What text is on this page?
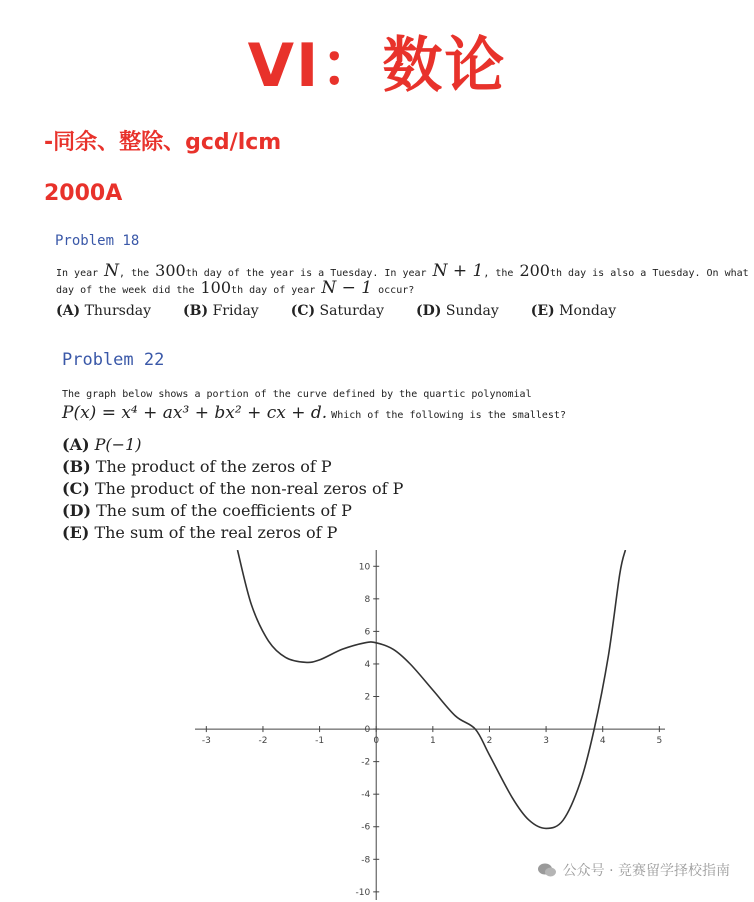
VI：数论
-同余、整除、gcd/lcm
2000A
Problem 18
In year N, the 300th day of the year is a Tuesday. In year N + 1, the 200th day is also a Tuesday. On what
day of the week did the 100th day of year N − 1 occur?
(A) Thursday (B) Friday (C) Saturday (D) Sunday (E) Monday
Problem 22
The graph below shows a portion of the curve defined by the quartic polynomial
P(x) = x⁴ + ax³ + bx² + cx + d. Which of the following is the smallest?
(A) P(−1)
(B) The product of the zeros of P
(C) The product of the non-real zeros of P
(D) The sum of the coefficients of P
(E) The sum of the real zeros of P
-3	-2	-1	0	1	2	3	4	5
-10
-8
-6
-4
-2
0
2
4
6
8
10
公众号 · 竞赛留学择校指南
